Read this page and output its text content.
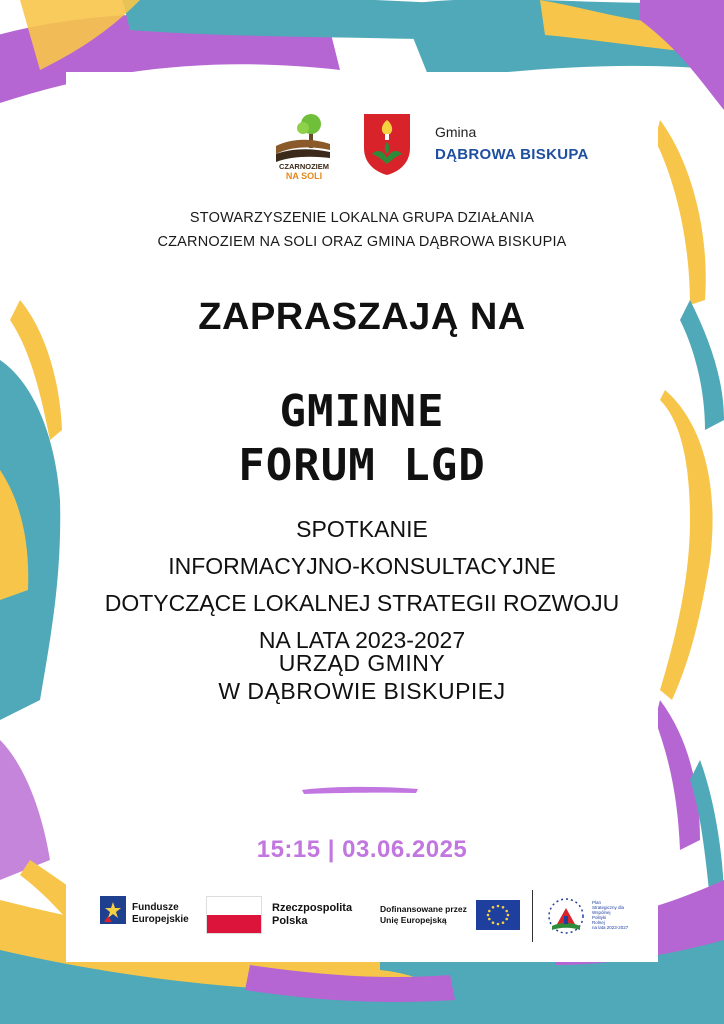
CZARNOZIEM
NA SOLI
Gmina
DĄBROWA BISKUPA
STOWARZYSZENIE LOKALNA GRUPA DZIAŁANIA
CZARNOZIEM NA SOLI ORAZ GMINA DĄBROWA BISKUPIA
ZAPRASZAJĄ NA
GMINNE
FORUM LGD
SPOTKANIE
INFORMACYJNO-KONSULTACYJNE
DOTYCZĄCE LOKALNEJ STRATEGII ROZWOJU
NA LATA 2023-2027
URZĄD GMINY
W DĄBROWIE BISKUPIEJ
15:15 | 03.06.2025
Fundusze
Europejskie
Rzeczpospolita
Polska
Dofinansowane przez
Unię Europejską
Plan
Strategiczny dla
Wspólnej
Polityki
Rolnej
na lata 2023-2027
